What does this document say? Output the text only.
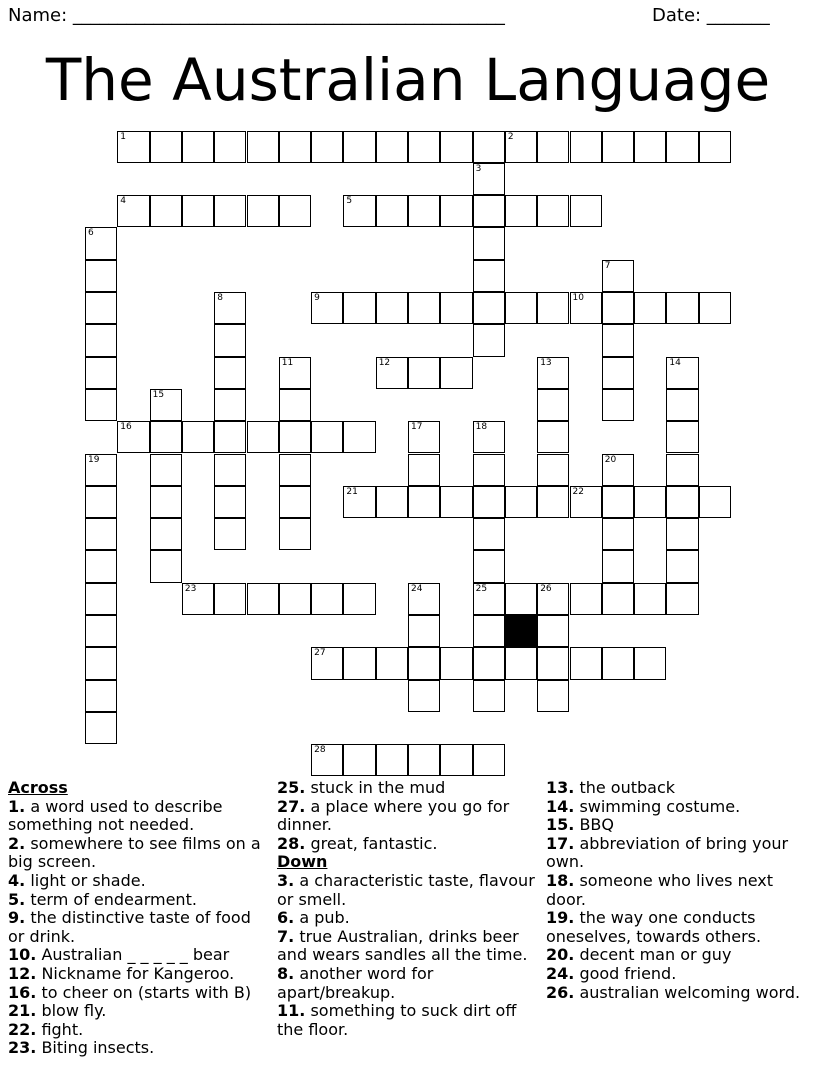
Name: ________________________________________________	Date: _______
The Australian Language
1	2
4	5
9	10
12
16
21	22
23	25	26
27
28
3
6
7
8
11	13	14
15
17	18
19	20
24
Across
1. a word used to describe something not needed.
2. somewhere to see films on a big screen.
4. light or shade.
5. term of endearment.
9. the distinctive taste of food or drink.
10. Australian _ _ _ _ _ bear
12. Nickname for Kangeroo.
16. to cheer on (starts with B)
21. blow fly.
22. fight.
23. Biting insects.
25. stuck in the mud
27. a place where you go for dinner.
28. great, fantastic.
Down
3. a characteristic taste, flavour or smell.
6. a pub.
7. true Australian, drinks beer and wears sandles all the time.
8. another word for apart/breakup.
11. something to suck dirt off the floor.
13. the outback
14. swimming costume.
15. BBQ
17. abbreviation of bring your own.
18. someone who lives next door.
19. the way one conducts oneselves, towards others.
20. decent man or guy
24. good friend.
26. australian welcoming word.
